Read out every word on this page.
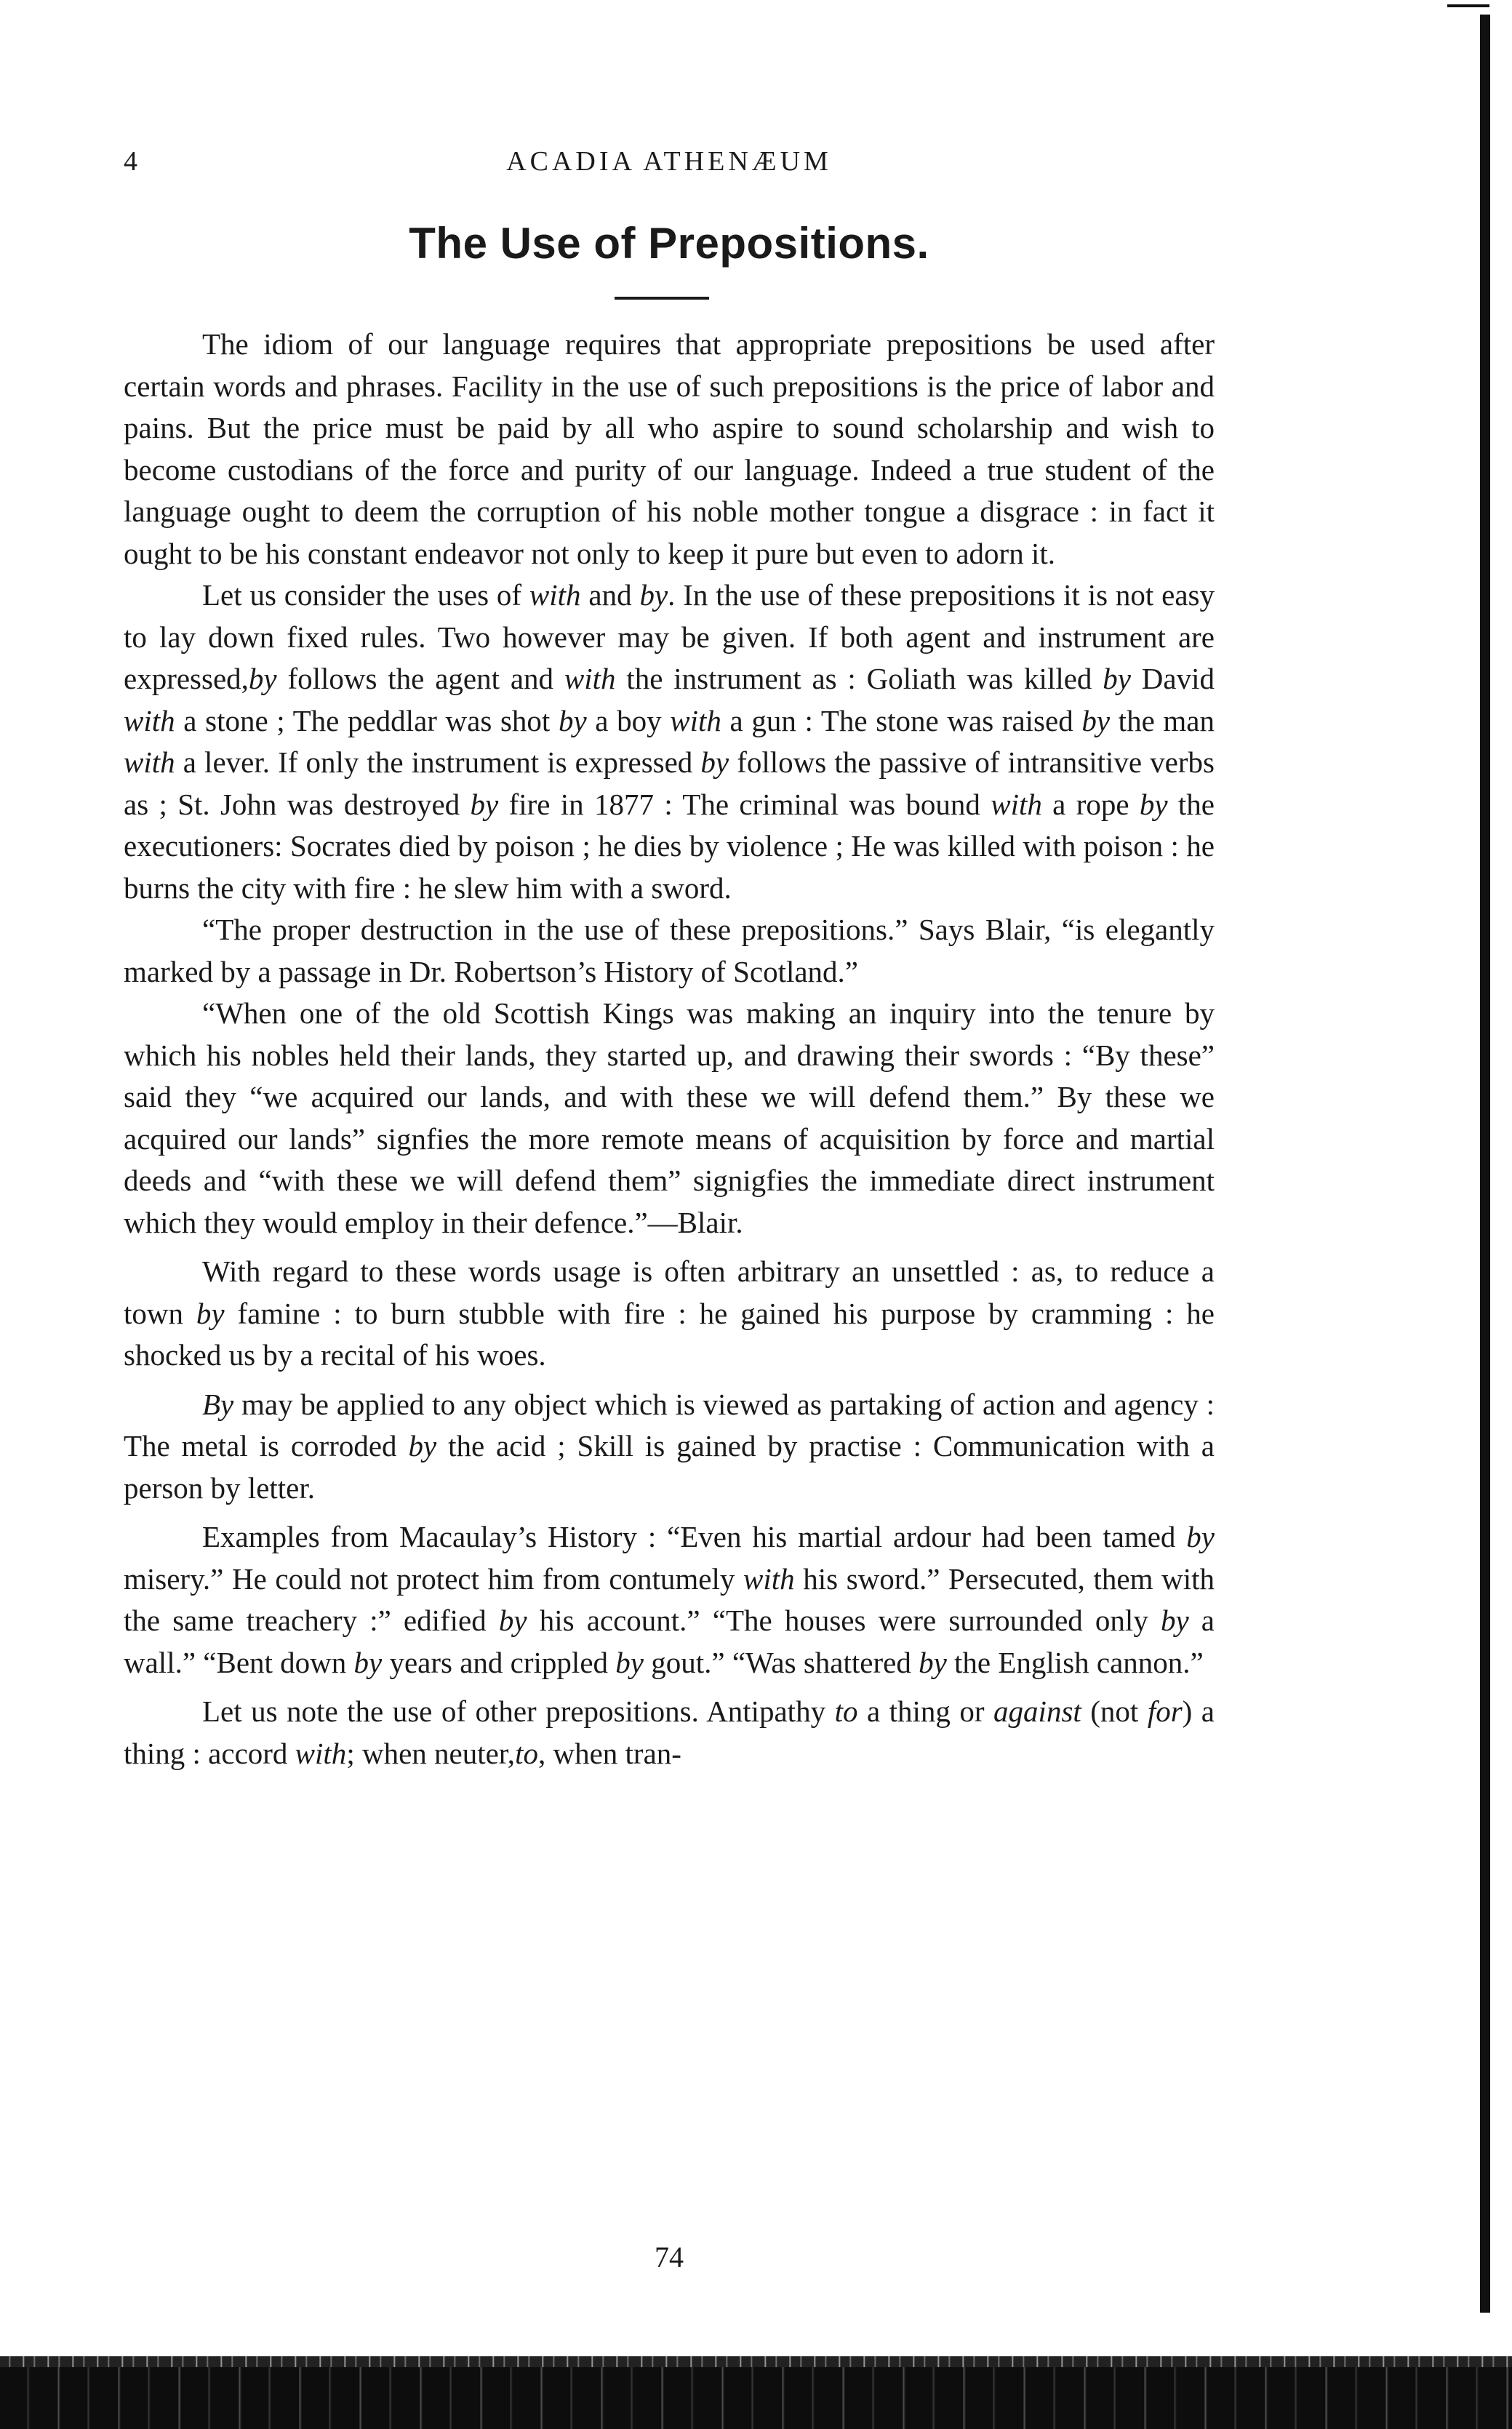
4	ACADIA ATHENÆUM
The Use of Prepositions.

The idiom of our language requires that appropriate prepositions be used after certain words and phrases. Facility in the use of such prepositions is the price of labor and pains. But the price must be paid by all who aspire to sound scholarship and wish to become custodians of the force and purity of our language. Indeed a true student of the language ought to deem the corruption of his noble mother tongue a disgrace : in fact it ought to be his constant endeavor not only to keep it pure but even to adorn it.

Let us consider the uses of with and by. In the use of these prepositions it is not easy to lay down fixed rules. Two however may be given. If both agent and instrument are expressed,by follows the agent and with the instrument as : Goliath was killed by David with a stone ; The peddlar was shot by a boy with a gun : The stone was raised by the man with a lever. If only the instrument is expressed by follows the passive of intransitive verbs as ; St. John was destroyed by fire in 1877 : The criminal was bound with a rope by the executioners: Socrates died by poison ; he dies by violence ; He was killed with poison : he burns the city with fire : he slew him with a sword.

“The proper destruction in the use of these prepositions.” Says Blair, “is elegantly marked by a passage in Dr. Robertson’s History of Scotland.”

“When one of the old Scottish Kings was making an inquiry into the tenure by which his nobles held their lands, they started up, and drawing their swords : “By these” said they “we acquired our lands, and with these we will defend them.” By these we acquired our lands” signfies the more remote means of acquisition by force and martial deeds and “with these we will defend them” signigfies the immediate direct instrument which they would employ in their defence.”—Blair.

With regard to these words usage is often arbitrary an unsettled : as, to reduce a town by famine : to burn stubble with fire : he gained his purpose by cramming : he shocked us by a recital of his woes.

By may be applied to any object which is viewed as partaking of action and agency : The metal is corroded by the acid ; Skill is gained by practise : Communication with a person by letter.

Examples from Macaulay’s History : “Even his martial ardour had been tamed by misery.” He could not protect him from contumely with his sword.” Persecuted, them with the same treachery :” edified by his account.” “The houses were surrounded only by a wall.” “Bent down by years and crippled by gout.” “Was shattered by the English cannon.”

Let us note the use of other prepositions. Antipathy to a thing or against (not for) a thing : accord with; when neuter,to, when tran-

74
